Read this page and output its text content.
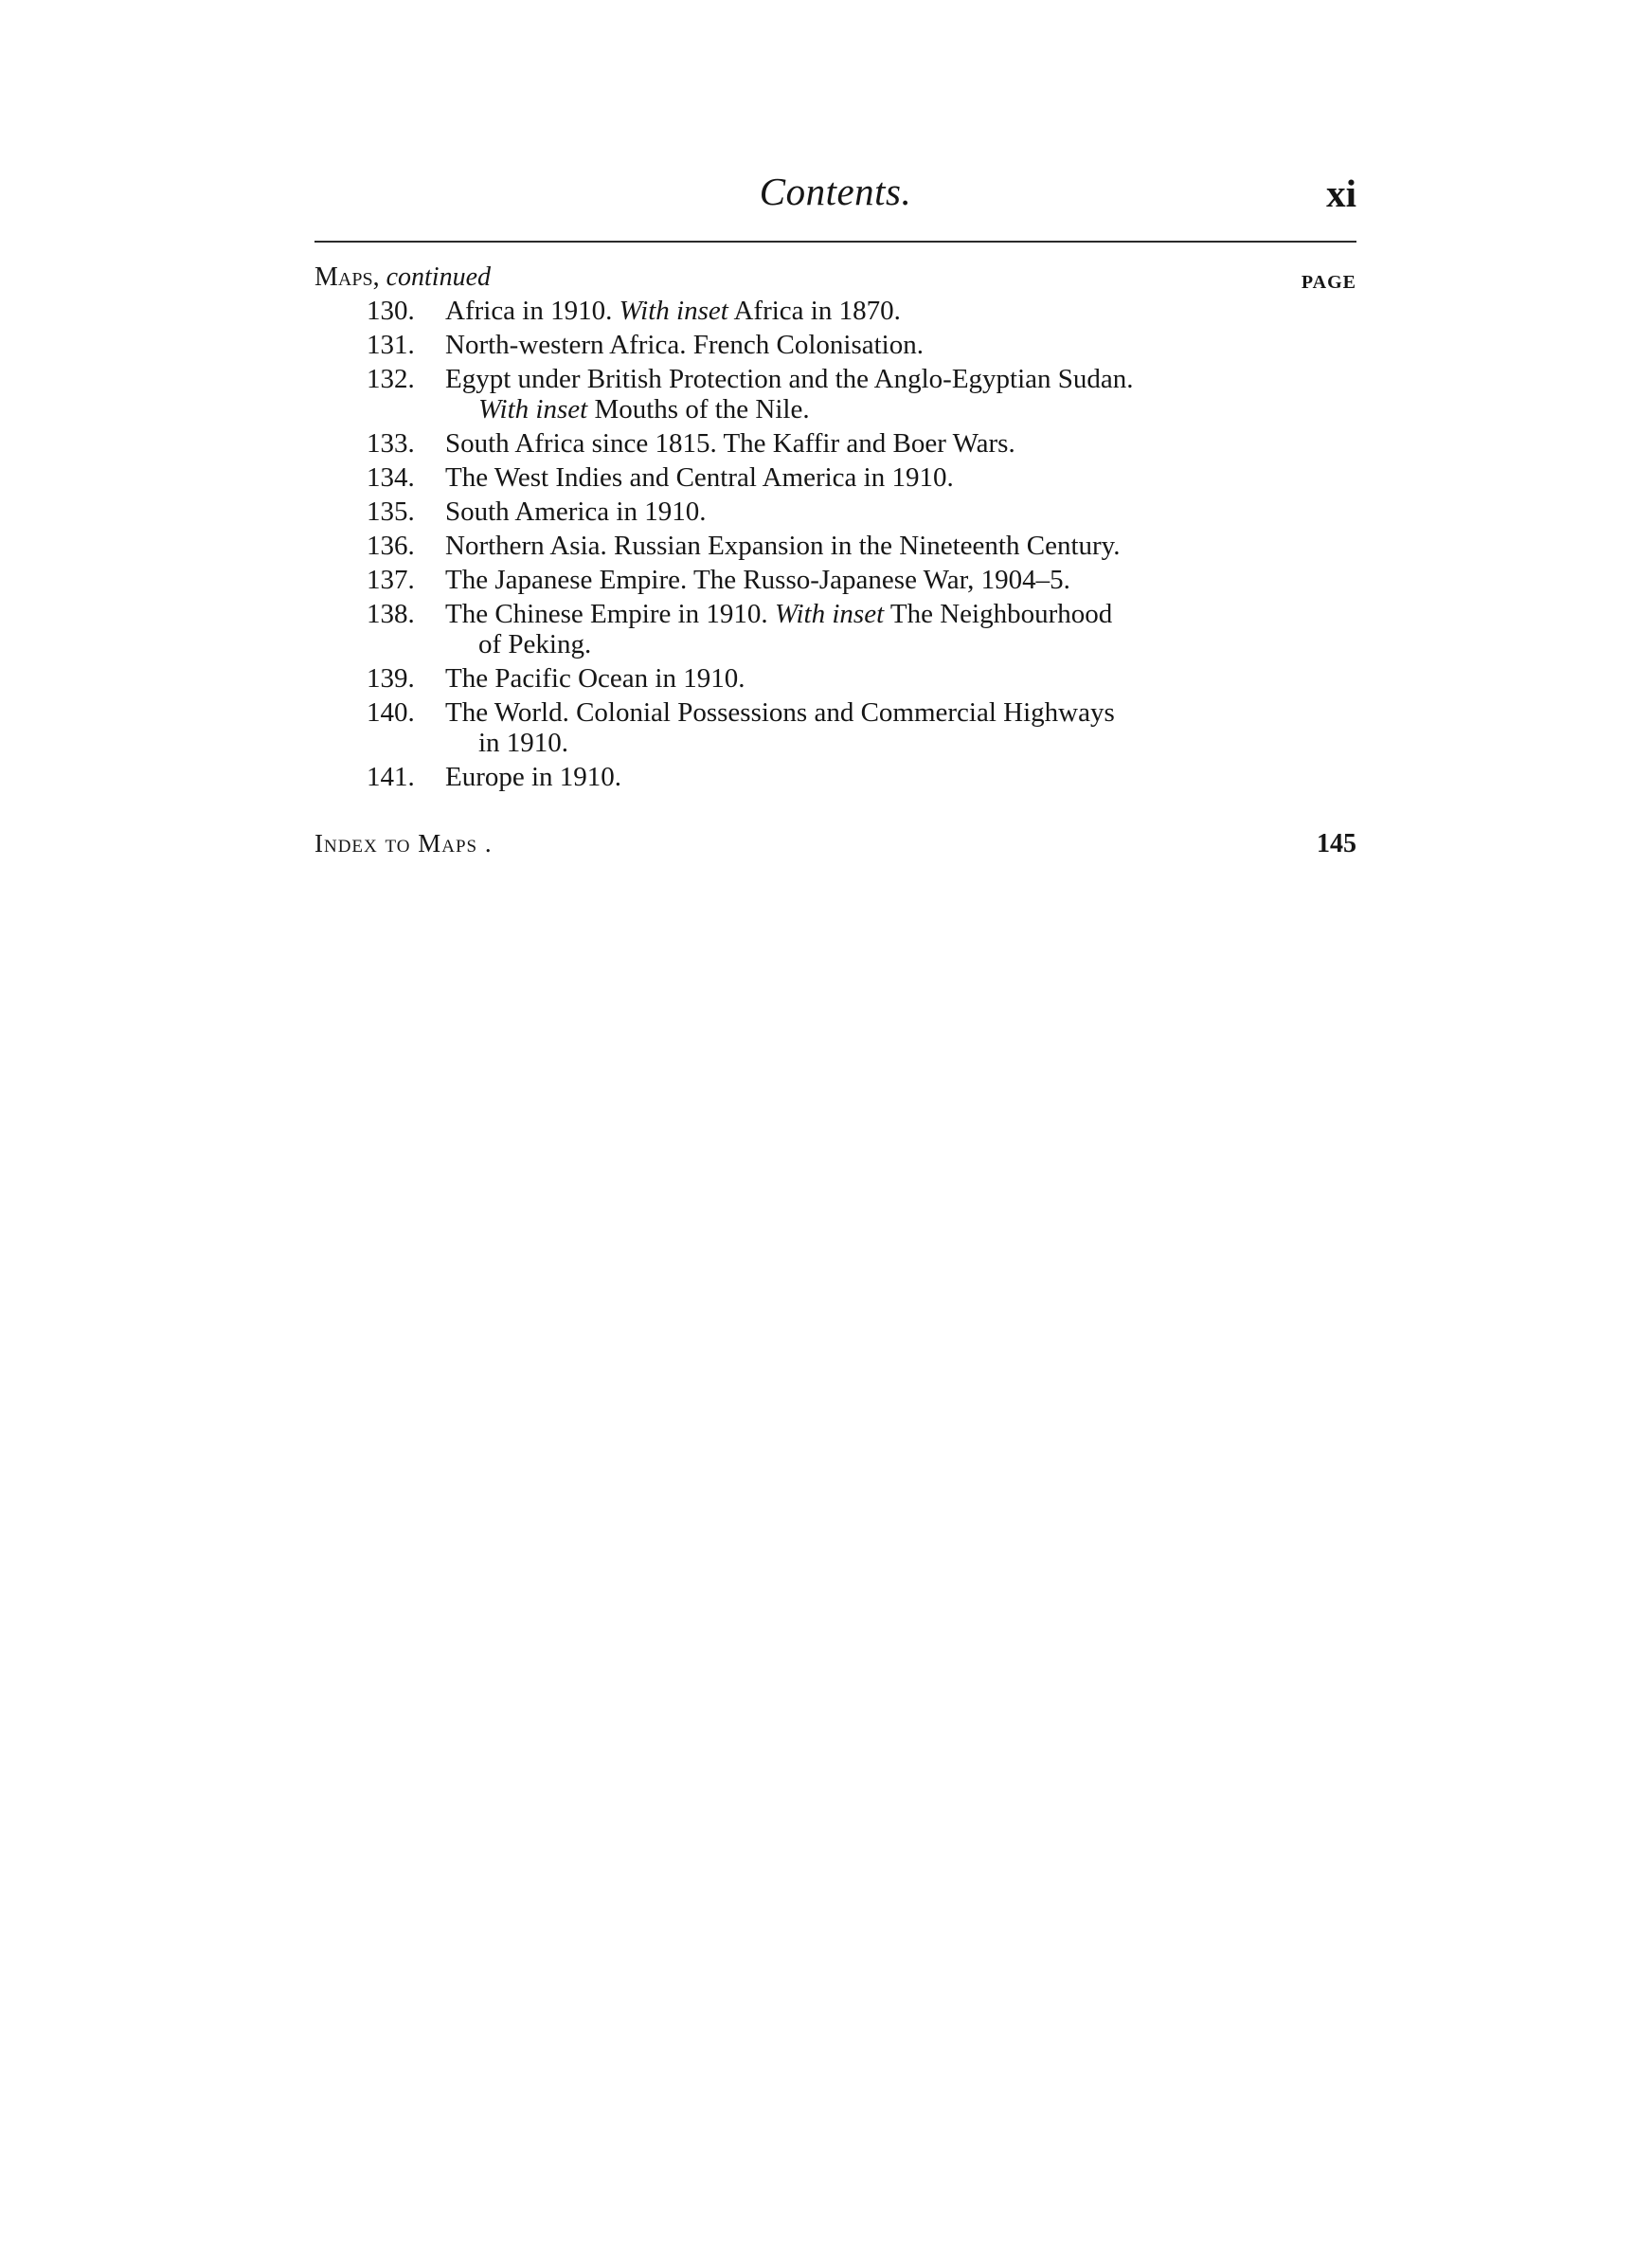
Contents.	xi
Maps, continued	PAGE
130.	Africa in 1910. With inset Africa in 1870.
131.	North-western Africa. French Colonisation.
132.	Egypt under British Protection and the Anglo-Egyptian Sudan.
With inset Mouths of the Nile.
133.	South Africa since 1815. The Kaffir and Boer Wars.
134.	The West Indies and Central America in 1910.
135.	South America in 1910.
136.	Northern Asia. Russian Expansion in the Nineteenth Century.
137.	The Japanese Empire. The Russo-Japanese War, 1904–5.
138.	The Chinese Empire in 1910. With inset The Neighbourhood
of Peking.
139.	The Pacific Ocean in 1910.
140.	The World. Colonial Possessions and Commercial Highways
in 1910.
141.	Europe in 1910.
Index to Maps .	145
